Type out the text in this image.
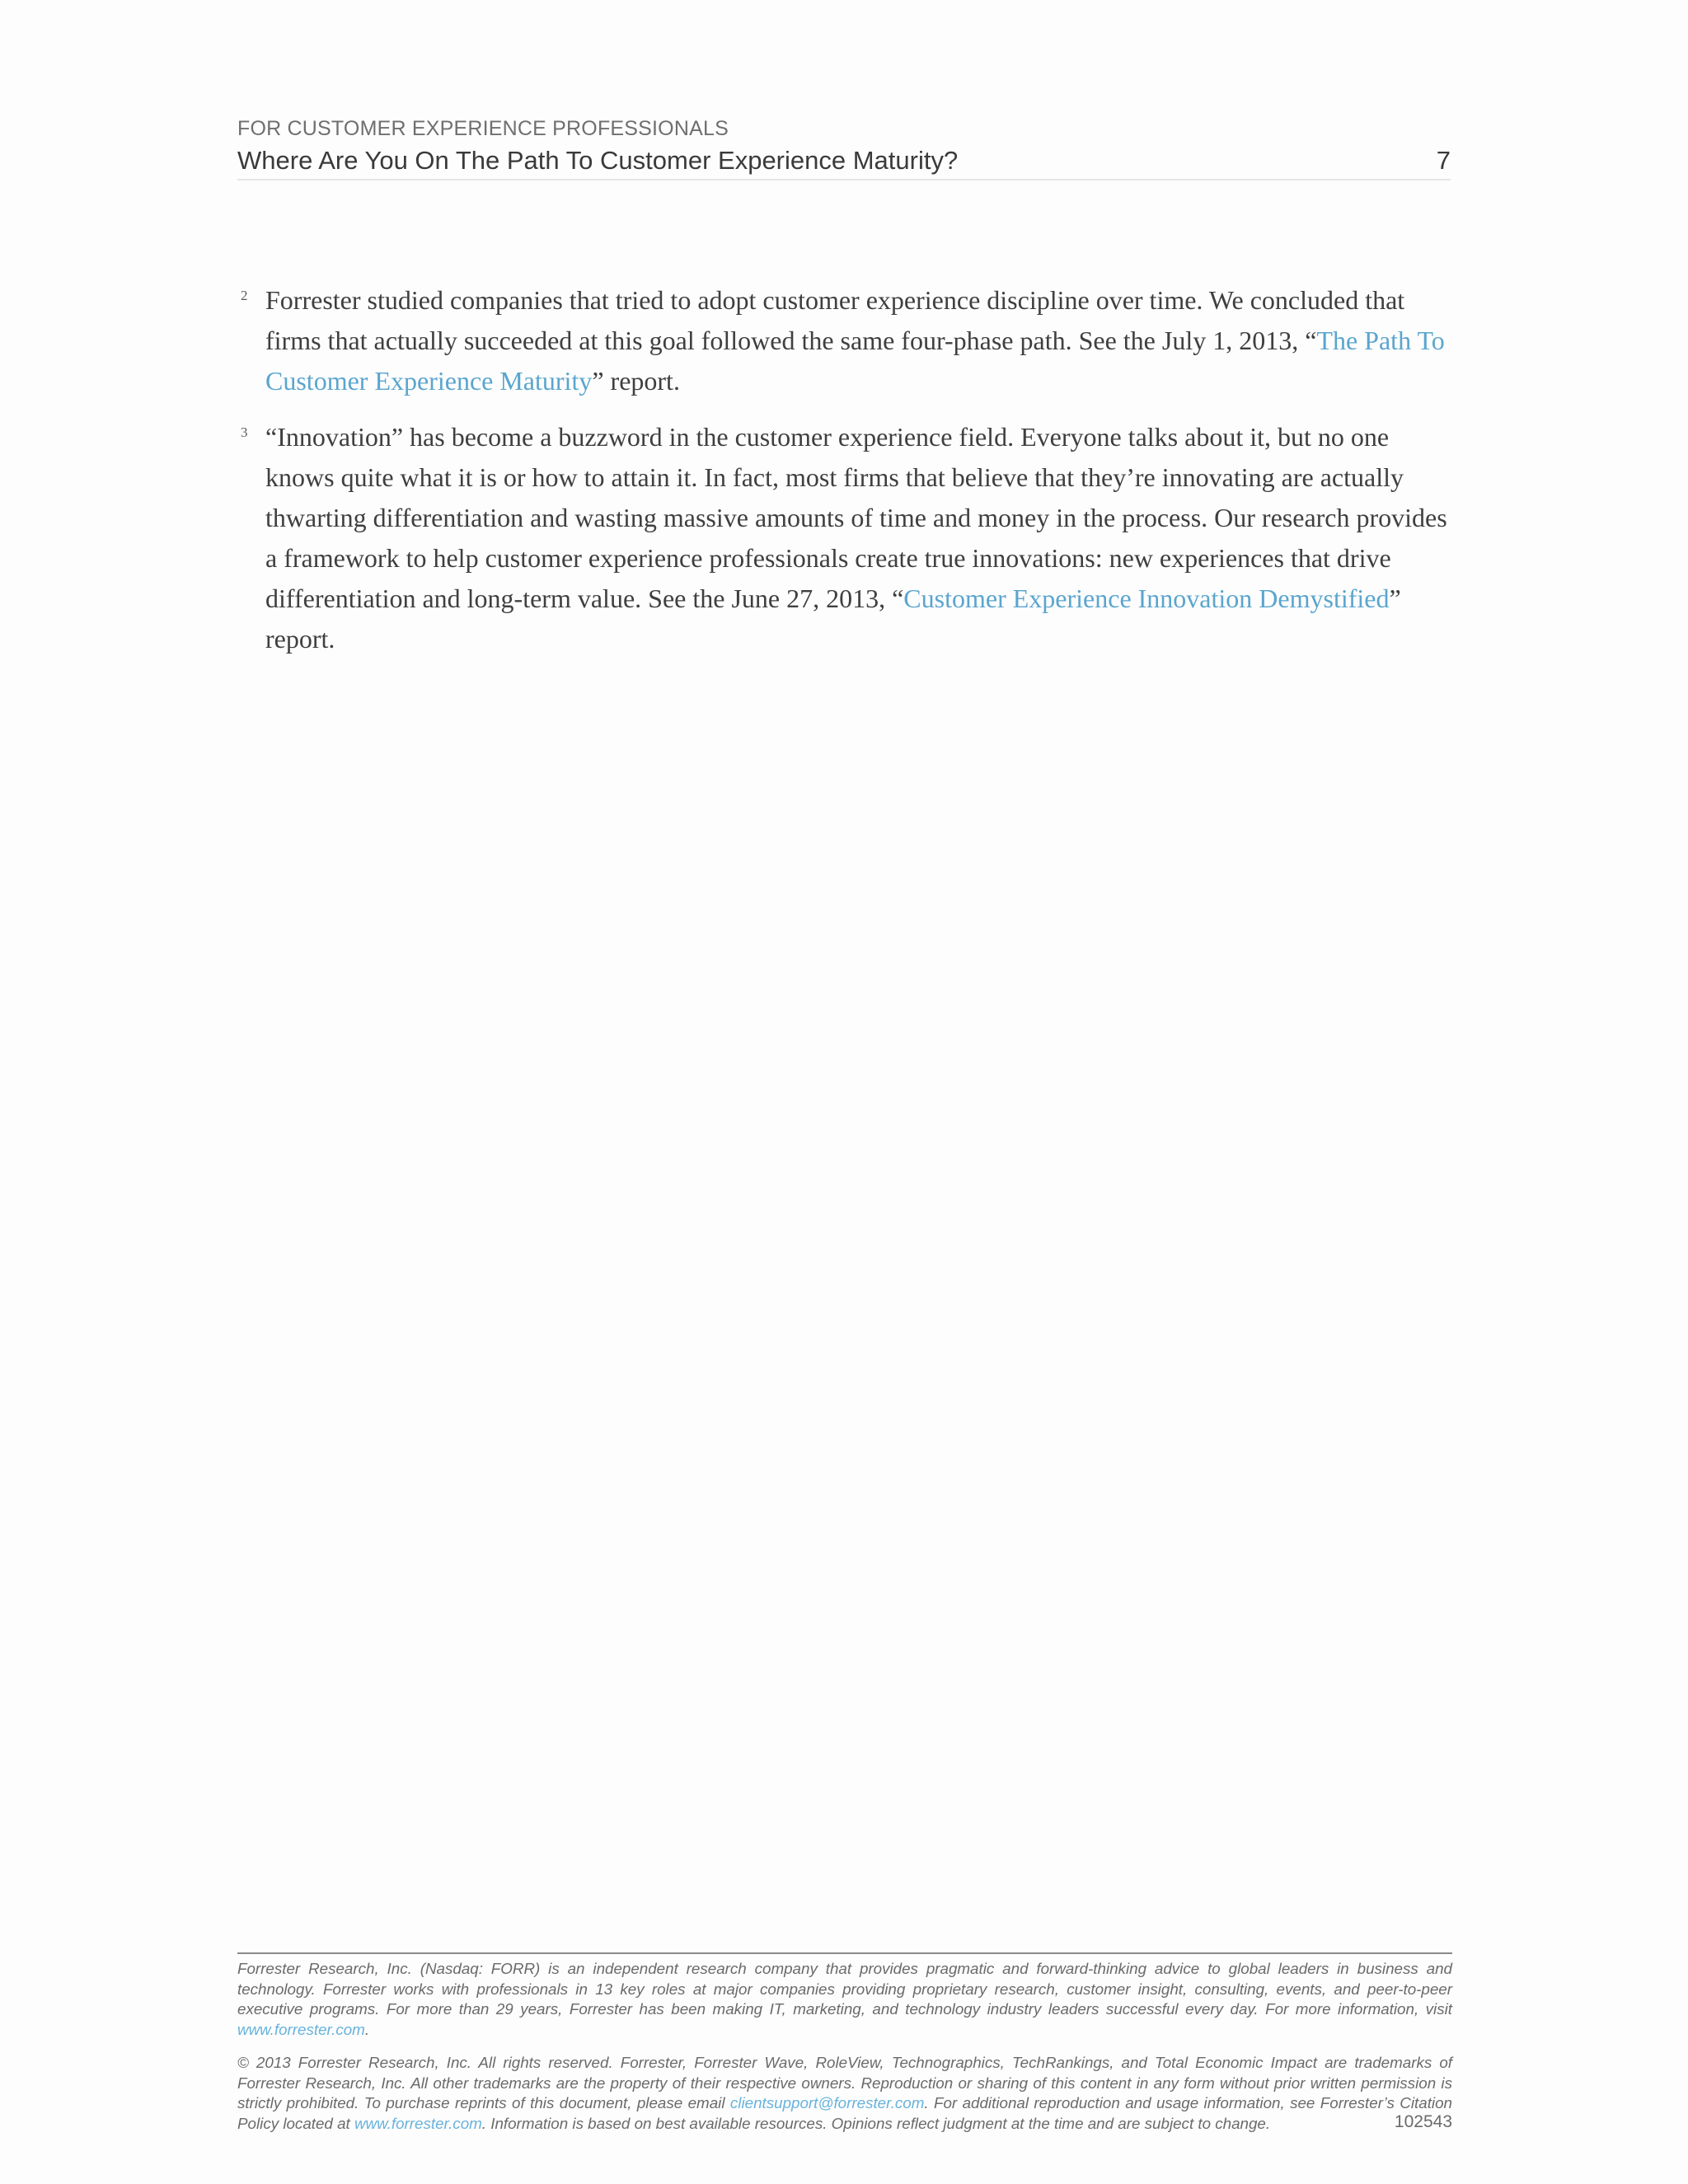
FOR CUSTOMER EXPERIENCE PROFESSIONALS
Where Are You On The Path To Customer Experience Maturity?	7
2 Forrester studied companies that tried to adopt customer experience discipline over time. We concluded that firms that actually succeeded at this goal followed the same four-phase path. See the July 1, 2013, “The Path To Customer Experience Maturity” report.
3 “Innovation” has become a buzzword in the customer experience field. Everyone talks about it, but no one knows quite what it is or how to attain it. In fact, most firms that believe that they’re innovating are actually thwarting differentiation and wasting massive amounts of time and money in the process. Our research provides a framework to help customer experience professionals create true innovations: new experiences that drive differentiation and long-term value. See the June 27, 2013, “Customer Experience Innovation Demystified” report.

Forrester Research, Inc. (Nasdaq: FORR) is an independent research company that provides pragmatic and forward-thinking advice to global leaders in business and technology. Forrester works with professionals in 13 key roles at major companies providing proprietary research, customer insight, consulting, events, and peer-to-peer executive programs. For more than 29 years, Forrester has been making IT, marketing, and technology industry leaders successful every day. For more information, visit www.forrester.com.

© 2013 Forrester Research, Inc. All rights reserved. Forrester, Forrester Wave, RoleView, Technographics, TechRankings, and Total Economic Impact are trademarks of Forrester Research, Inc. All other trademarks are the property of their respective owners. Reproduction or sharing of this content in any form without prior written permission is strictly prohibited. To purchase reprints of this document, please email clientsupport@forrester.com. For additional reproduction and usage information, see Forrester’s Citation Policy located at www.forrester.com. Information is based on best available resources. Opinions reflect judgment at the time and are subject to change.	102543
